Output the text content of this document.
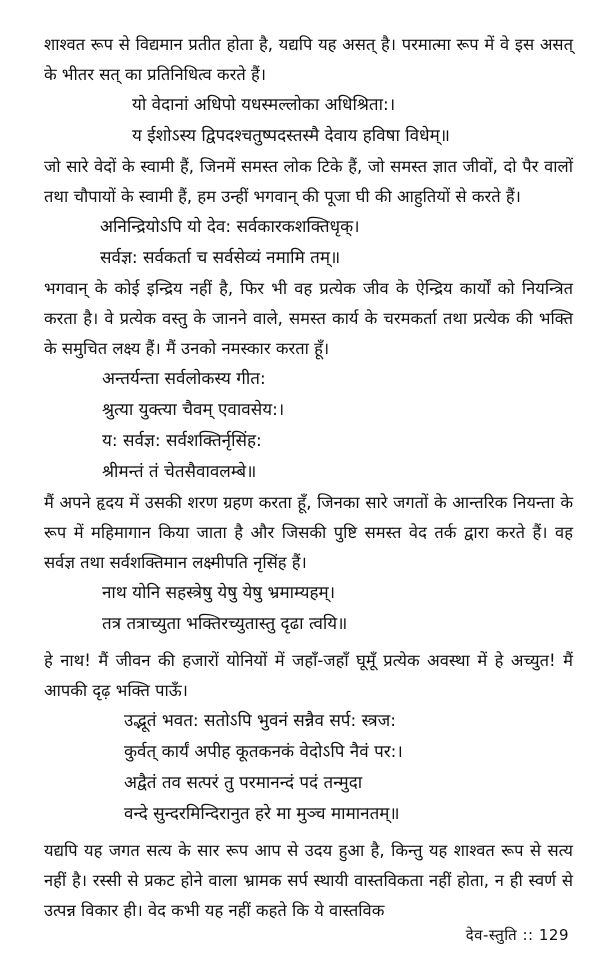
शाश्वत रूप से विद्यमान प्रतीत होता है, यद्यपि यह असत् है। परमात्मा रूप में वे इस असत् के भीतर सत् का प्रतिनिधित्व करते हैं।

यो वेदानां अधिपो यधस्मल्लोका अधिश्रिता:।
य ईशोऽस्य द्विपदश्चतुष्पदस्तस्मै देवाय हविषा विधेम्॥

जो सारे वेदों के स्वामी हैं, जिनमें समस्त लोक टिके हैं, जो समस्त ज्ञात जीवों, दो पैर वालों तथा चौपायों के स्वामी हैं, हम उन्हीं भगवान् की पूजा घी की आहुतियों से करते हैं।

अनिन्द्रियोऽपि यो देव: सर्वकारकशक्तिधृक्।
सर्वज्ञ: सर्वकर्ता च सर्वसेव्यं नमामि तम्॥

भगवान् के कोई इन्द्रिय नहीं है, फिर भी वह प्रत्येक जीव के ऐन्द्रिय कार्यों को नियन्त्रित करता है। वे प्रत्येक वस्तु के जानने वाले, समस्त कार्य के चरमकर्ता तथा प्रत्येक की भक्ति के समुचित लक्ष्य हैं। मैं उनको नमस्कार करता हूँ।

अन्तर्यन्ता सर्वलोकस्य गीत:
श्रुत्या युक्त्या चैवम् एवावसेय:।
य: सर्वज्ञ: सर्वशक्तिर्नृसिंह:
श्रीमन्तं तं चेतसैवावलम्बे॥

मैं अपने हृदय में उसकी शरण ग्रहण करता हूँ, जिनका सारे जगतों के आन्तरिक नियन्ता के रूप में महिमागान किया जाता है और जिसकी पुष्टि समस्त वेद तर्क द्वारा करते हैं। वह सर्वज्ञ तथा सर्वशक्तिमान लक्ष्मीपति नृसिंह हैं।

नाथ योनि सहस्त्रेषु येषु येषु भ्रमाम्यहम्।
तत्र तत्राच्युता भक्तिरच्युतास्तु दृढा त्वयि॥

हे नाथ! मैं जीवन की हजारों योनियों में जहाँ-जहाँ घूमूँ प्रत्येक अवस्था में हे अच्युत! मैं आपकी दृढ़ भक्ति पाऊँ।

उद्भूतं भवत: सतोऽपि भुवनं सन्नैव सर्प: स्त्रज:
कुर्वत् कार्यं अपीह कूतकनकं वेदोऽपि नैवं पर:।
अद्वैतं तव सत्परं तु परमानन्दं पदं तन्मुदा
वन्दे सुन्दरमिन्दिरानुत हरे मा मुञ्च मामानतम्॥

यद्यपि यह जगत सत्य के सार रूप आप से उदय हुआ है, किन्तु यह शाश्वत रूप से सत्य नहीं है। रस्सी से प्रकट होने वाला भ्रामक सर्प स्थायी वास्तविकता नहीं होता, न ही स्वर्ण से उत्पन्न विकार ही। वेद कभी यह नहीं कहते कि ये वास्तविक

देव-स्तुति :: 129
